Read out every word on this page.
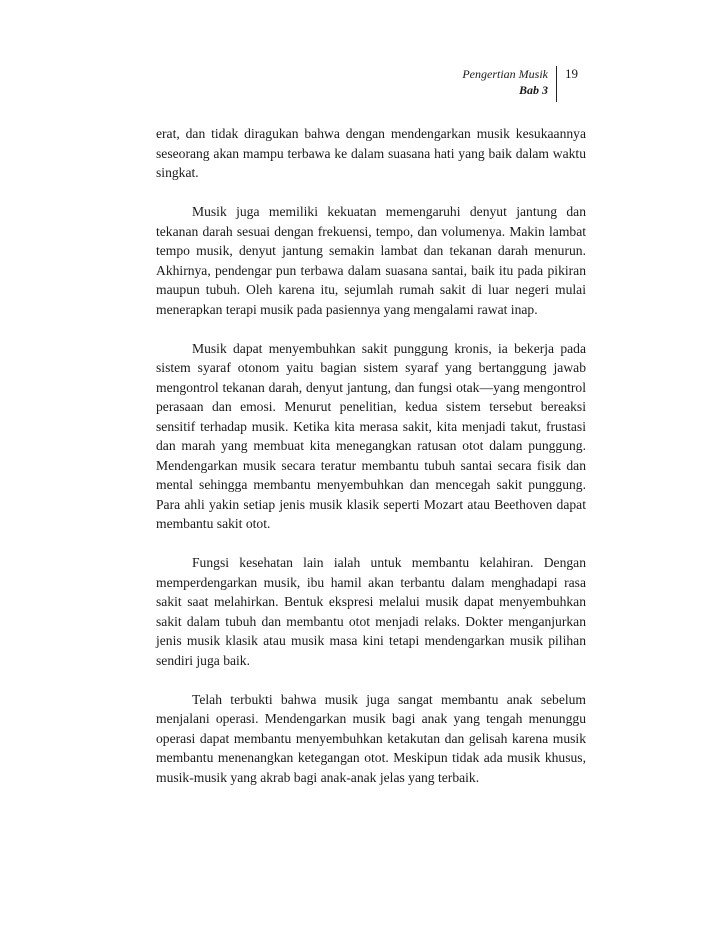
Pengertian Musik
Bab 3
19

erat, dan tidak diragukan bahwa dengan mendengarkan musik kesukaannya seseorang akan mampu terbawa ke dalam suasana hati yang baik dalam waktu singkat.

Musik juga memiliki kekuatan memengaruhi denyut jantung dan tekanan darah sesuai dengan frekuensi, tempo, dan volumenya. Makin lambat tempo musik, denyut jantung semakin lambat dan tekanan darah menurun. Akhirnya, pendengar pun terbawa dalam suasana santai, baik itu pada pikiran maupun tubuh. Oleh karena itu, sejumlah rumah sakit di luar negeri mulai menerapkan terapi musik pada pasiennya yang mengalami rawat inap.

Musik dapat menyembuhkan sakit punggung kronis, ia bekerja pada sistem syaraf otonom yaitu bagian sistem syaraf yang bertanggung jawab mengontrol tekanan darah, denyut jantung, dan fungsi otak—yang mengontrol perasaan dan emosi. Menurut penelitian, kedua sistem tersebut bereaksi sensitif terhadap musik. Ketika kita merasa sakit, kita menjadi takut, frustasi dan marah yang membuat kita menegangkan ratusan otot dalam punggung. Mendengarkan musik secara teratur membantu tubuh santai secara fisik dan mental sehingga membantu menyembuhkan dan mencegah sakit punggung. Para ahli yakin setiap jenis musik klasik seperti Mozart atau Beethoven dapat membantu sakit otot.

Fungsi kesehatan lain ialah untuk membantu kelahiran. Dengan memperdengarkan musik, ibu hamil akan terbantu dalam menghadapi rasa sakit saat melahirkan. Bentuk ekspresi melalui musik dapat menyembuhkan sakit dalam tubuh dan membantu otot menjadi relaks. Dokter menganjurkan jenis musik klasik atau musik masa kini tetapi mendengarkan musik pilihan sendiri juga baik.

Telah terbukti bahwa musik juga sangat membantu anak sebelum menjalani operasi. Mendengarkan musik bagi anak yang tengah menunggu operasi dapat membantu menyembuhkan ketakutan dan gelisah karena musik membantu menenangkan ketegangan otot. Meskipun tidak ada musik khusus, musik-musik yang akrab bagi anak-anak jelas yang terbaik.
